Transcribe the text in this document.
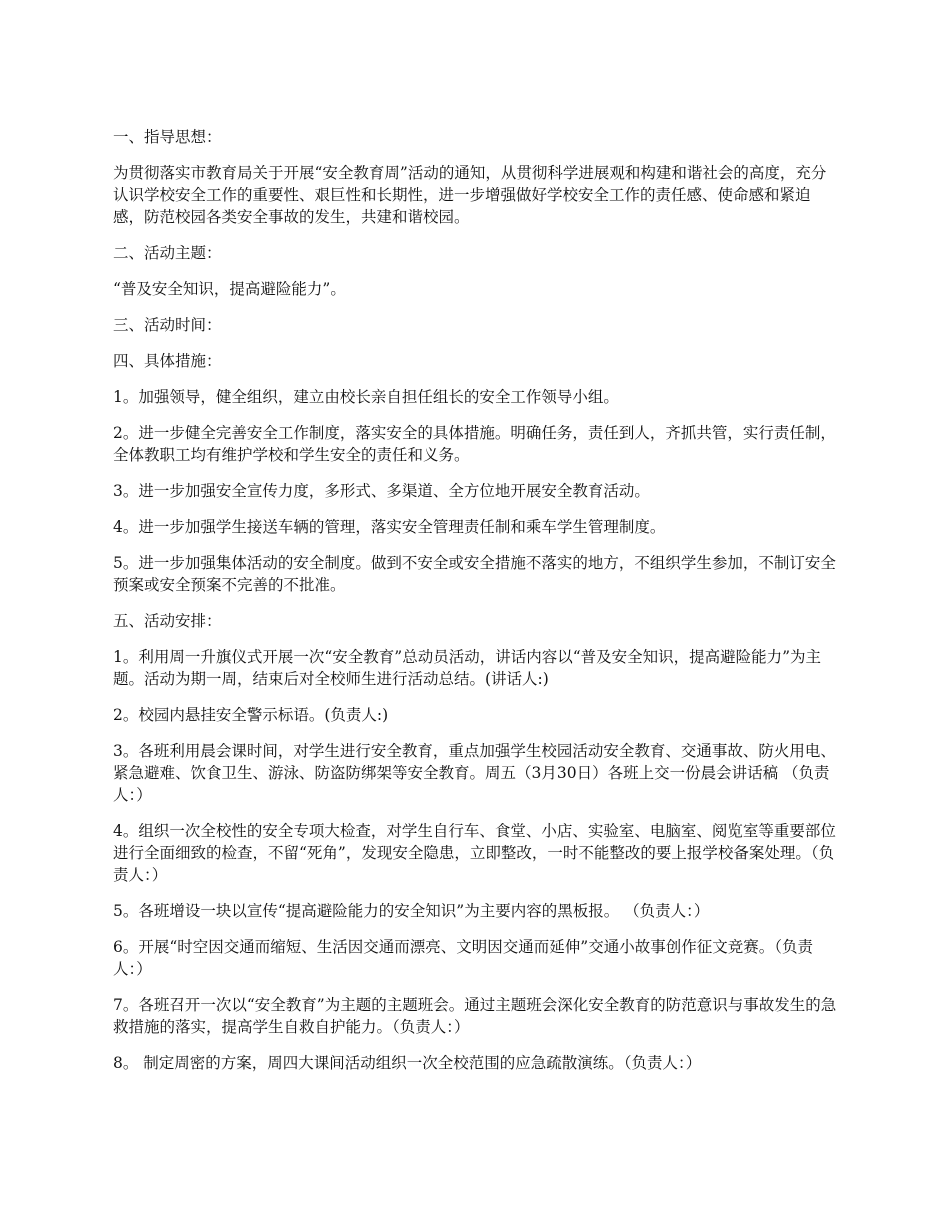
一、指导思想：

为贯彻落实市教育局关于开展“安全教育周”活动的通知，从贯彻科学进展观和构建和谐社会的高度，充分认识学校安全工作的重要性、艰巨性和长期性，进一步增强做好学校安全工作的责任感、使命感和紧迫感，防范校园各类安全事故的发生，共建和谐校园。

二、活动主题：

“普及安全知识，提高避险能力”。

三、活动时间：

四、具体措施：

1。加强领导，健全组织，建立由校长亲自担任组长的安全工作领导小组。

2。进一步健全完善安全工作制度，落实安全的具体措施。明确任务，责任到人，齐抓共管，实行责任制，全体教职工均有维护学校和学生安全的责任和义务。

3。进一步加强安全宣传力度，多形式、多渠道、全方位地开展安全教育活动。

4。进一步加强学生接送车辆的管理，落实安全管理责任制和乘车学生管理制度。

5。进一步加强集体活动的安全制度。做到不安全或安全措施不落实的地方，不组织学生参加，不制订安全预案或安全预案不完善的不批准。

五、活动安排：

1。利用周一升旗仪式开展一次“安全教育”总动员活动，讲话内容以“普及安全知识，提高避险能力”为主题。活动为期一周，结束后对全校师生进行活动总结。(讲话人:)

2。校园内悬挂安全警示标语。(负责人:)

3。各班利用晨会课时间，对学生进行安全教育，重点加强学生校园活动安全教育、交通事故、防火用电、紧急避难、饮食卫生、游泳、防盗防绑架等安全教育。周五（3月30日）各班上交一份晨会讲话稿 （负责人：）

4。组织一次全校性的安全专项大检查，对学生自行车、食堂、小店、实验室、电脑室、阅览室等重要部位进行全面细致的检查，不留“死角”，发现安全隐患，立即整改，一时不能整改的要上报学校备案处理。（负责人：）

5。各班增设一块以宣传“提高避险能力的安全知识”为主要内容的黑板报。 （负责人：）

6。开展“时空因交通而缩短、生活因交通而漂亮、文明因交通而延伸”交通小故事创作征文竞赛。（负责人：）

7。各班召开一次以“安全教育”为主题的主题班会。通过主题班会深化安全教育的防范意识与事故发生的急救措施的落实，提高学生自救自护能力。（负责人：）

8。 制定周密的方案，周四大课间活动组织一次全校范围的应急疏散演练。（负责人：）
